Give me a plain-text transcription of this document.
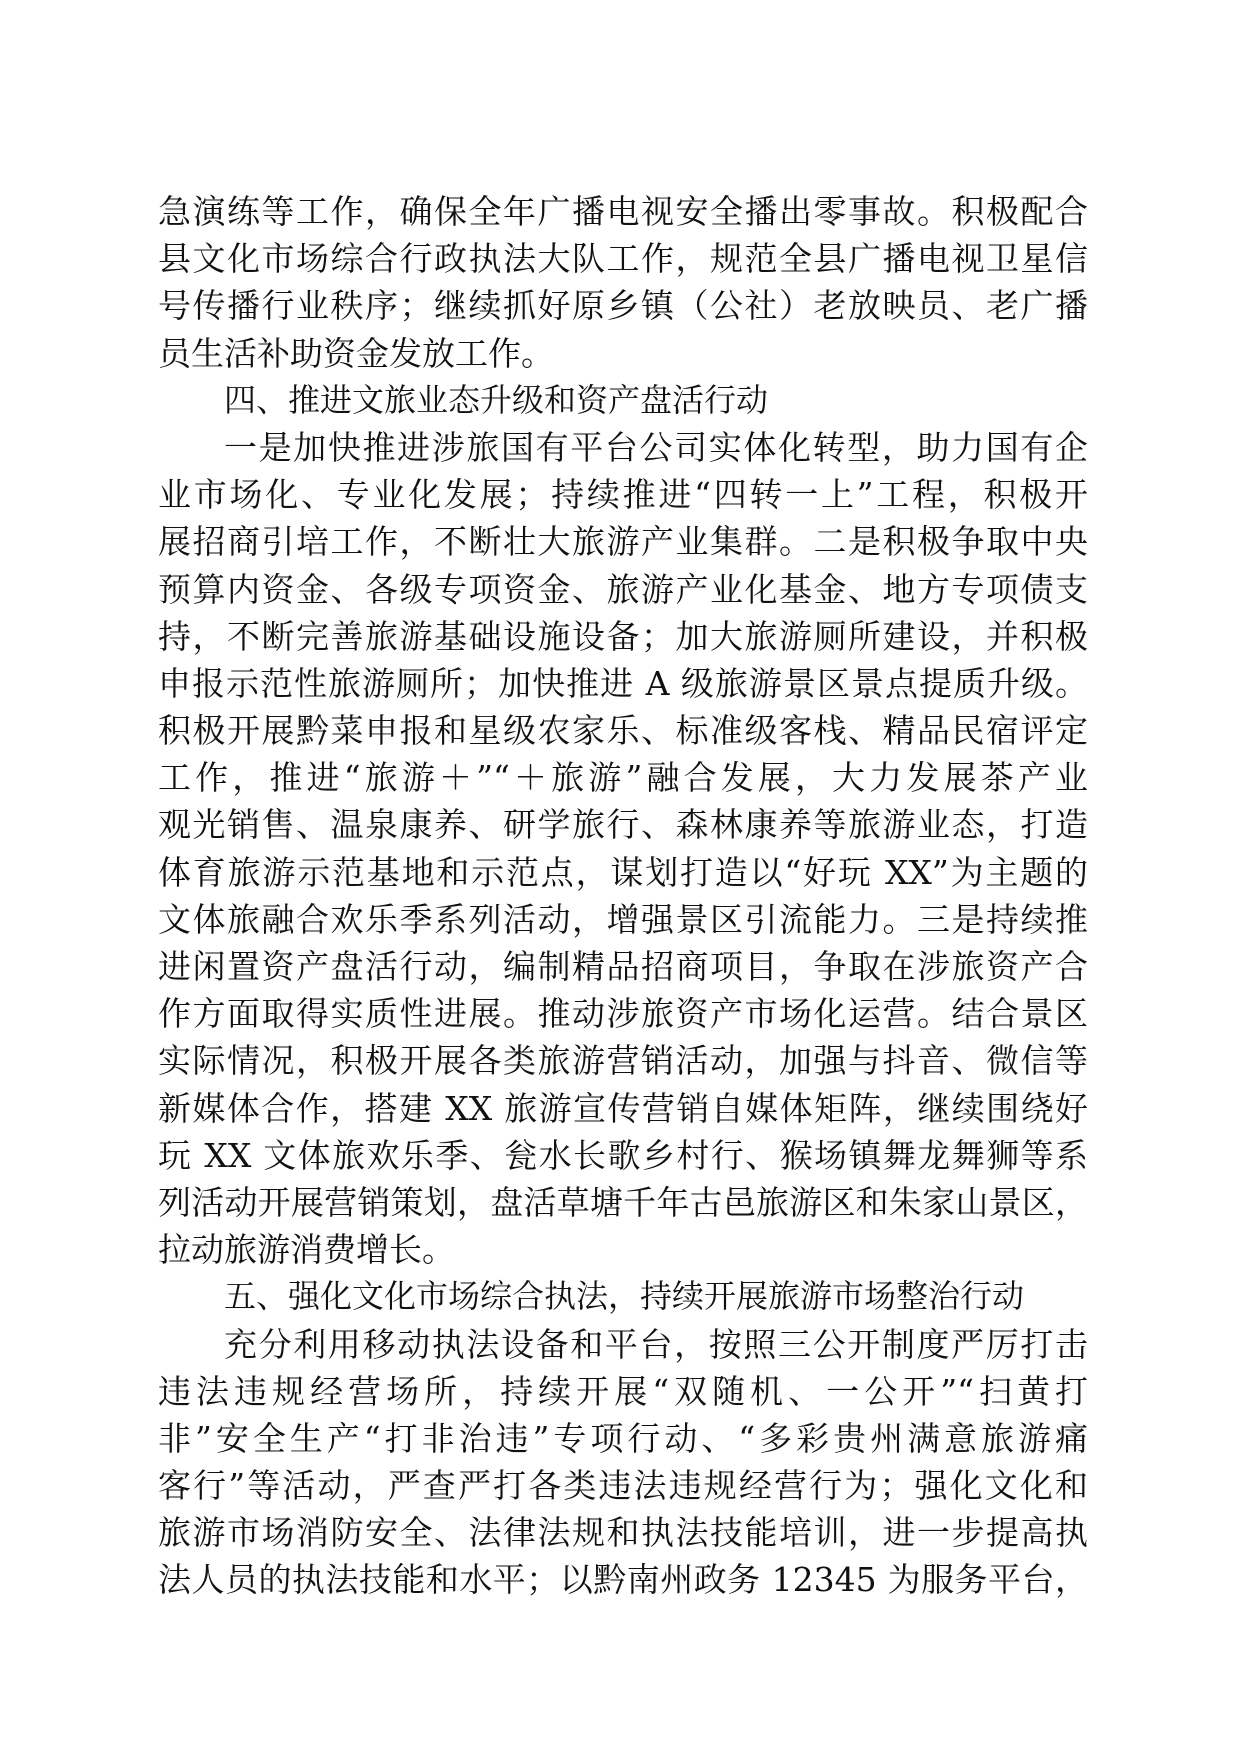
急演练等工作，确保全年广播电视安全播出零事故。积极配合
县文化市场综合行政执法大队工作，规范全县广播电视卫星信
号传播行业秩序；继续抓好原乡镇（公社）老放映员、老广播
员生活补助资金发放工作。
四、推进文旅业态升级和资产盘活行动
一是加快推进涉旅国有平台公司实体化转型，助力国有企
业市场化、专业化发展；持续推进“四转一上”工程，积极开
展招商引培工作，不断壮大旅游产业集群。二是积极争取中央
预算内资金、各级专项资金、旅游产业化基金、地方专项债支
持，不断完善旅游基础设施设备；加大旅游厕所建设，并积极
申报示范性旅游厕所；加快推进 A 级旅游景区景点提质升级。
积极开展黔菜申报和星级农家乐、标准级客栈、精品民宿评定
工作，推进“旅游＋”“＋旅游”融合发展，大力发展茶产业
观光销售、温泉康养、研学旅行、森林康养等旅游业态，打造
体育旅游示范基地和示范点，谋划打造以“好玩 XX”为主题的
文体旅融合欢乐季系列活动，增强景区引流能力。三是持续推
进闲置资产盘活行动，编制精品招商项目，争取在涉旅资产合
作方面取得实质性进展。推动涉旅资产市场化运营。结合景区
实际情况，积极开展各类旅游营销活动，加强与抖音、微信等
新媒体合作，搭建 XX 旅游宣传营销自媒体矩阵，继续围绕好
玩 XX 文体旅欢乐季、瓮水长歌乡村行、猴场镇舞龙舞狮等系
列活动开展营销策划，盘活草塘千年古邑旅游区和朱家山景区，
拉动旅游消费增长。
五、强化文化市场综合执法，持续开展旅游市场整治行动
充分利用移动执法设备和平台，按照三公开制度严厉打击
违法违规经营场所，持续开展“双随机、一公开”“扫黄打
非”安全生产“打非治违”专项行动、“多彩贵州满意旅游痛
客行”等活动，严查严打各类违法违规经营行为；强化文化和
旅游市场消防安全、法律法规和执法技能培训，进一步提高执
法人员的执法技能和水平；以黔南州政务 12345 为服务平台，
